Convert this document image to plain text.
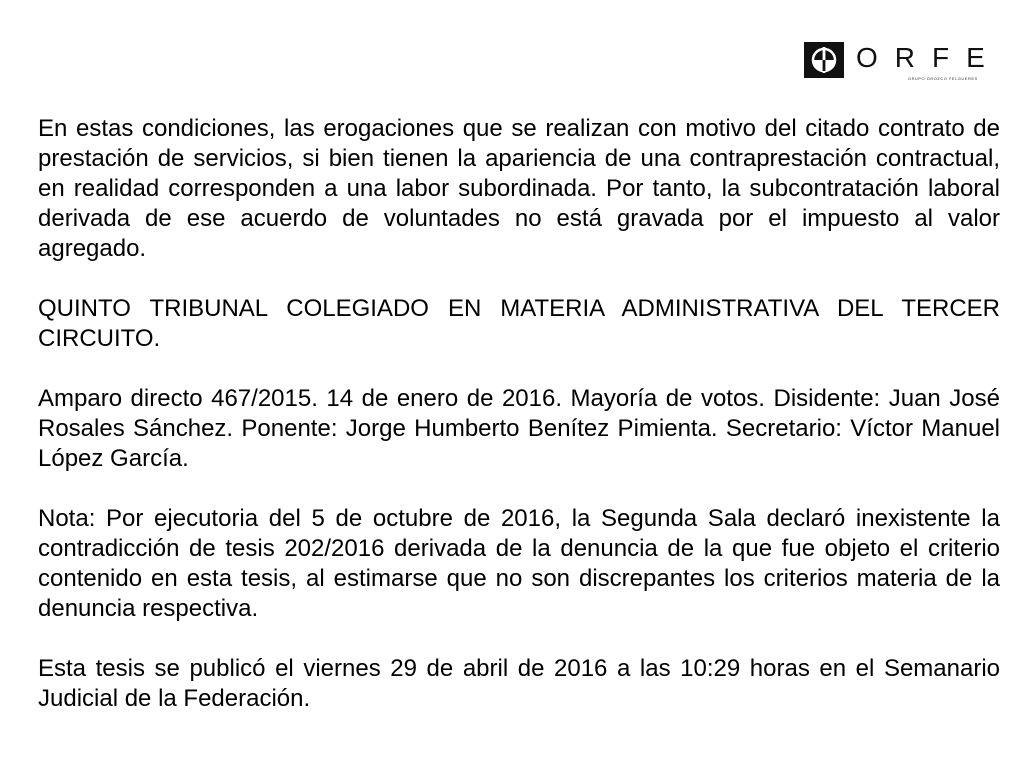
ORFE
GRUPO OROZCO FELGUERES

En estas condiciones, las erogaciones que se realizan con motivo del citado contrato de prestación de servicios, si bien tienen la apariencia de una contraprestación contractual, en realidad corresponden a una labor subordinada. Por tanto, la subcontratación laboral derivada de ese acuerdo de voluntades no está gravada por el impuesto al valor agregado.

QUINTO TRIBUNAL COLEGIADO EN MATERIA ADMINISTRATIVA DEL TERCER CIRCUITO.

Amparo directo 467/2015. 14 de enero de 2016. Mayoría de votos. Disidente: Juan José Rosales Sánchez. Ponente: Jorge Humberto Benítez Pimienta. Secretario: Víctor Manuel López García.

Nota: Por ejecutoria del 5 de octubre de 2016, la Segunda Sala declaró inexistente la contradicción de tesis 202/2016 derivada de la denuncia de la que fue objeto el criterio contenido en esta tesis, al estimarse que no son discrepantes los criterios materia de la denuncia respectiva.

Esta tesis se publicó el viernes 29 de abril de 2016 a las 10:29 horas en el Semanario Judicial de la Federación.
